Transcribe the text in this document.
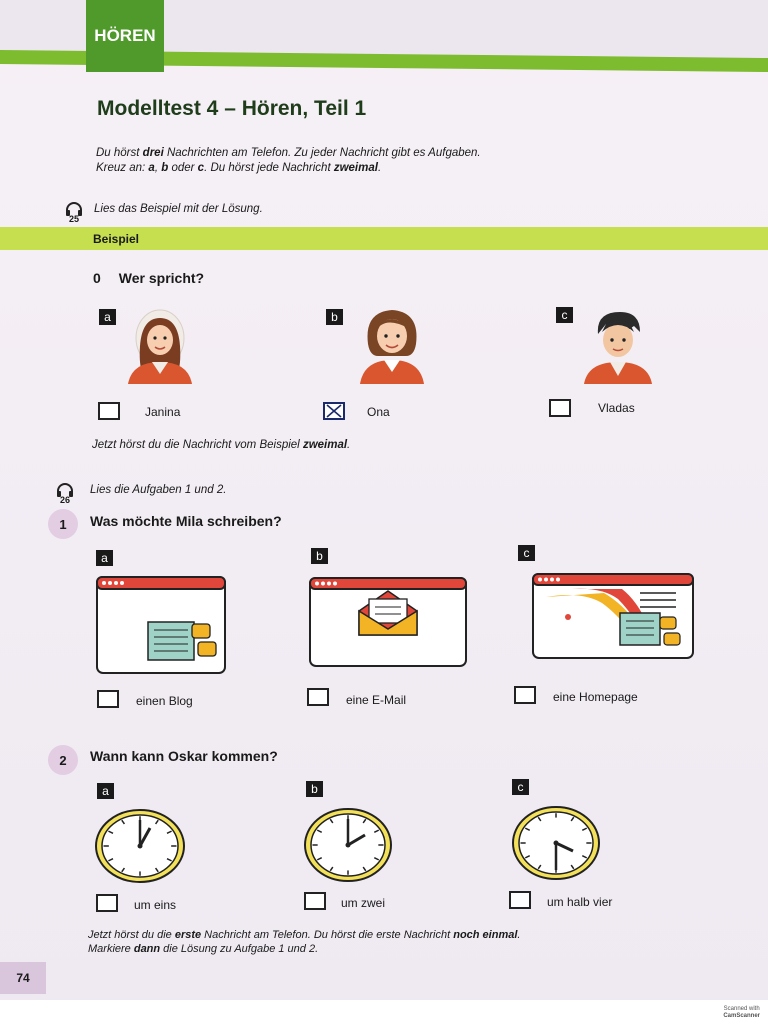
HÖREN
Modelltest 4 – Hören, Teil 1
Du hörst drei Nachrichten am Telefon. Zu jeder Nachricht gibt es Aufgaben.
Kreuz an: a, b oder c. Du hörst jede Nachricht zweimal.
25
Lies das Beispiel mit der Lösung.
Beispiel
0 Wer spricht?
a	b	c
Janina	Ona	Vladas
Jetzt hörst du die Nachricht vom Beispiel zweimal.
26
Lies die Aufgaben 1 und 2.
1	Was möchte Mila schreiben?
a	b	c
einen Blog	eine E-Mail	eine Homepage
2	Wann kann Oskar kommen?
a	b	c
um eins	um zwei	um halb vier
Jetzt hörst du die erste Nachricht am Telefon. Du hörst die erste Nachricht noch einmal.
Markiere dann die Lösung zu Aufgabe 1 und 2.
74
Scanned with
CamScanner
